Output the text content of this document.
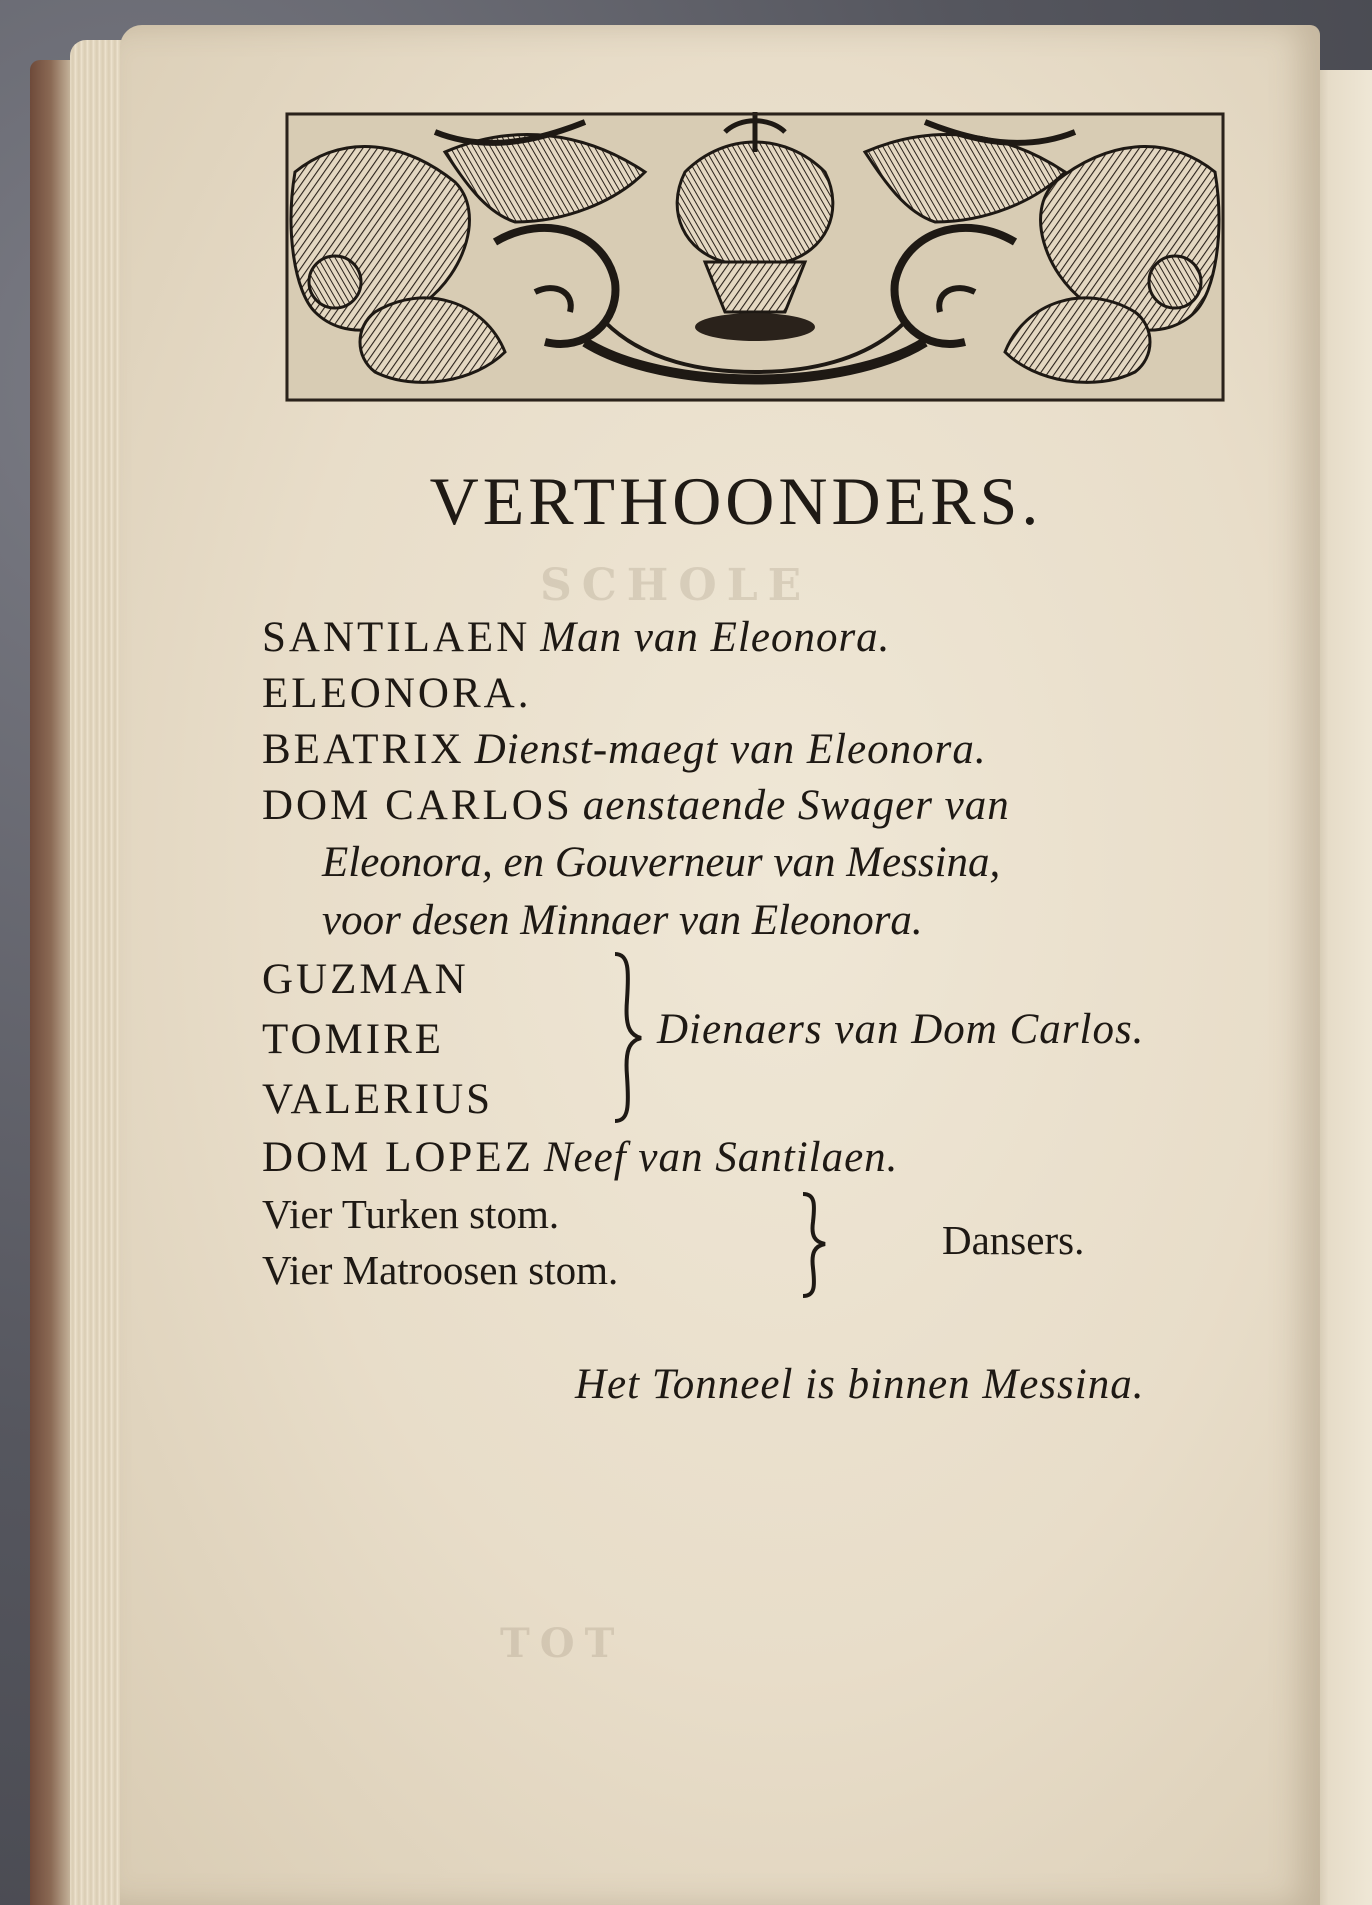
SCHOLE
TOT
VERTHOONDERS.
SANTILAEN Man van Eleonora.
ELEONORA.
BEATRIX Dienst-maegt van Eleonora.
DOM CARLOS aenstaende Swager van
Eleonora, en Gouverneur van Messina,
voor desen Minnaer van Eleonora.
GUZMAN
TOMIRE
VALERIUS
Dienaers van Dom Carlos.
DOM LOPEZ Neef van Santilaen.
Vier Turken stom.
Vier Matroosen stom.
Dansers.
Het Tonneel is binnen Messina.
